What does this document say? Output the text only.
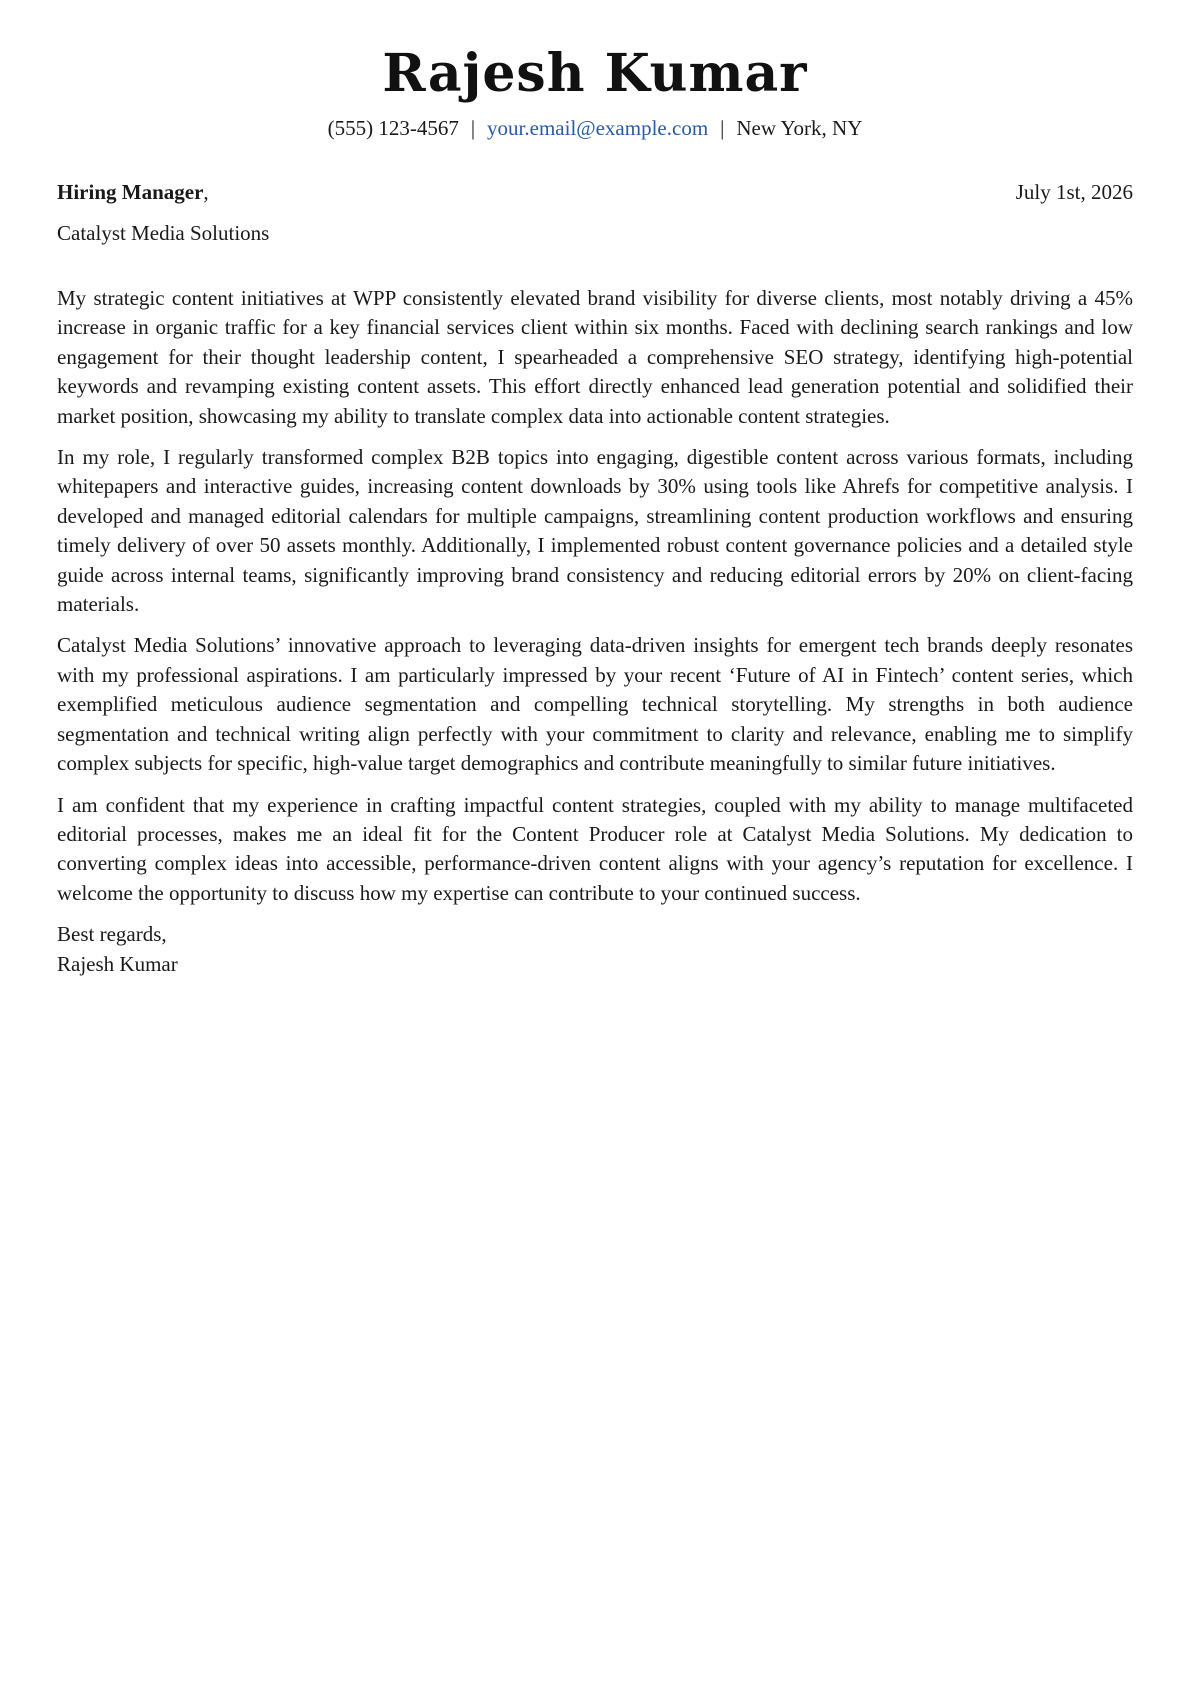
Rajesh Kumar
(555) 123-4567 | your.email@example.com | New York, NY
Hiring Manager,	July 1st, 2026
Catalyst Media Solutions

My strategic content initiatives at WPP consistently elevated brand visibility for diverse clients, most notably driving a 45% increase in organic traffic for a key financial services client within six months. Faced with declining search rankings and low engagement for their thought leadership content, I spearheaded a comprehensive SEO strategy, identifying high-potential keywords and revamping existing content assets. This effort directly enhanced lead generation potential and solidified their market position, showcasing my ability to translate complex data into actionable content strategies.

In my role, I regularly transformed complex B2B topics into engaging, digestible content across various formats, including whitepapers and interactive guides, increasing content downloads by 30% using tools like Ahrefs for competitive analysis. I developed and managed editorial calendars for multiple campaigns, streamlining content production workflows and ensuring timely delivery of over 50 assets monthly. Additionally, I implemented robust content governance policies and a detailed style guide across internal teams, significantly improving brand consistency and reducing editorial errors by 20% on client-facing materials.

Catalyst Media Solutions’ innovative approach to leveraging data-driven insights for emergent tech brands deeply resonates with my professional aspirations. I am particularly impressed by your recent ‘Future of AI in Fintech’ content series, which exemplified meticulous audience segmentation and compelling technical storytelling. My strengths in both audience segmentation and technical writing align perfectly with your commitment to clarity and relevance, enabling me to simplify complex subjects for specific, high-value target demographics and contribute meaningfully to similar future initiatives.

I am confident that my experience in crafting impactful content strategies, coupled with my ability to manage multifaceted editorial processes, makes me an ideal fit for the Content Producer role at Catalyst Media Solutions. My dedication to converting complex ideas into accessible, performance-driven content aligns with your agency’s reputation for excellence. I welcome the opportunity to discuss how my expertise can contribute to your continued success.

Best regards,
Rajesh Kumar
